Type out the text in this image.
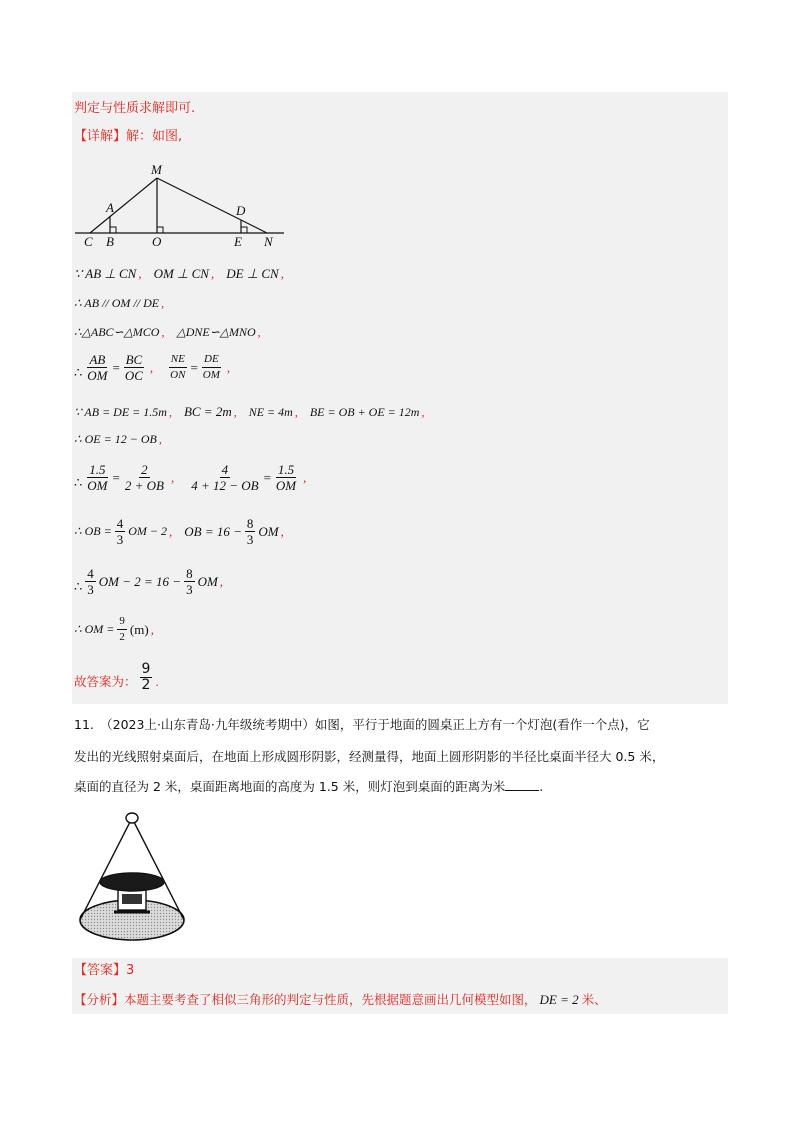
判定与性质求解即可.
【详解】解：如图,
M
A	D
C B	O	E N
∵ AB ⊥ CN , OM ⊥ CN , DE ⊥ CN ,
∴ AB // OM // DE ,
∴△ABC∽△MCO , △DNE∽△MNO ,
∴ $\frac{AB}{OM} = \frac{BC}{OC}$ , $\frac{NE}{ON} = \frac{DE}{OM}$ ,
∵ AB = DE = 1.5m , BC = 2m , NE = 4m , BE = OB + OE = 12m ,
∴ OE = 12 − OB ,
∴ $\frac{1.5}{OM} = \frac{2}{2 + OB}$ , $\frac{4}{4 + 12 - OB} = \frac{1.5}{OM}$ ,
∴ OB = $\frac{4}{3}$ OM − 2 , OB = $16 - \frac{8}{3}$ OM ,
∴ $\frac{4}{3}$ OM − $2 = 16 - \frac{8}{3}$ OM ,
∴ OM = $\frac{9}{2} (m)$ ,
故答案为： $\frac{9}{2}$ .
11.　（2023上·山东青岛·九年级统考期中）如图，平行于地面的圆桌正上方有一个灯泡(看作一个点)，它
发出的光线照射桌面后，在地面上形成圆形阴影，经测量得，地面上圆形阴影的半径比桌面半径大 0.5 米，
桌面的直径为 2 米，桌面距离地面的高度为 1.5 米，则灯泡到桌面的距离为米	.
【答案】3
【分析】本题主要考查了相似三角形的判定与性质，先根据题意画出几何模型如图， DE = 2 米、
